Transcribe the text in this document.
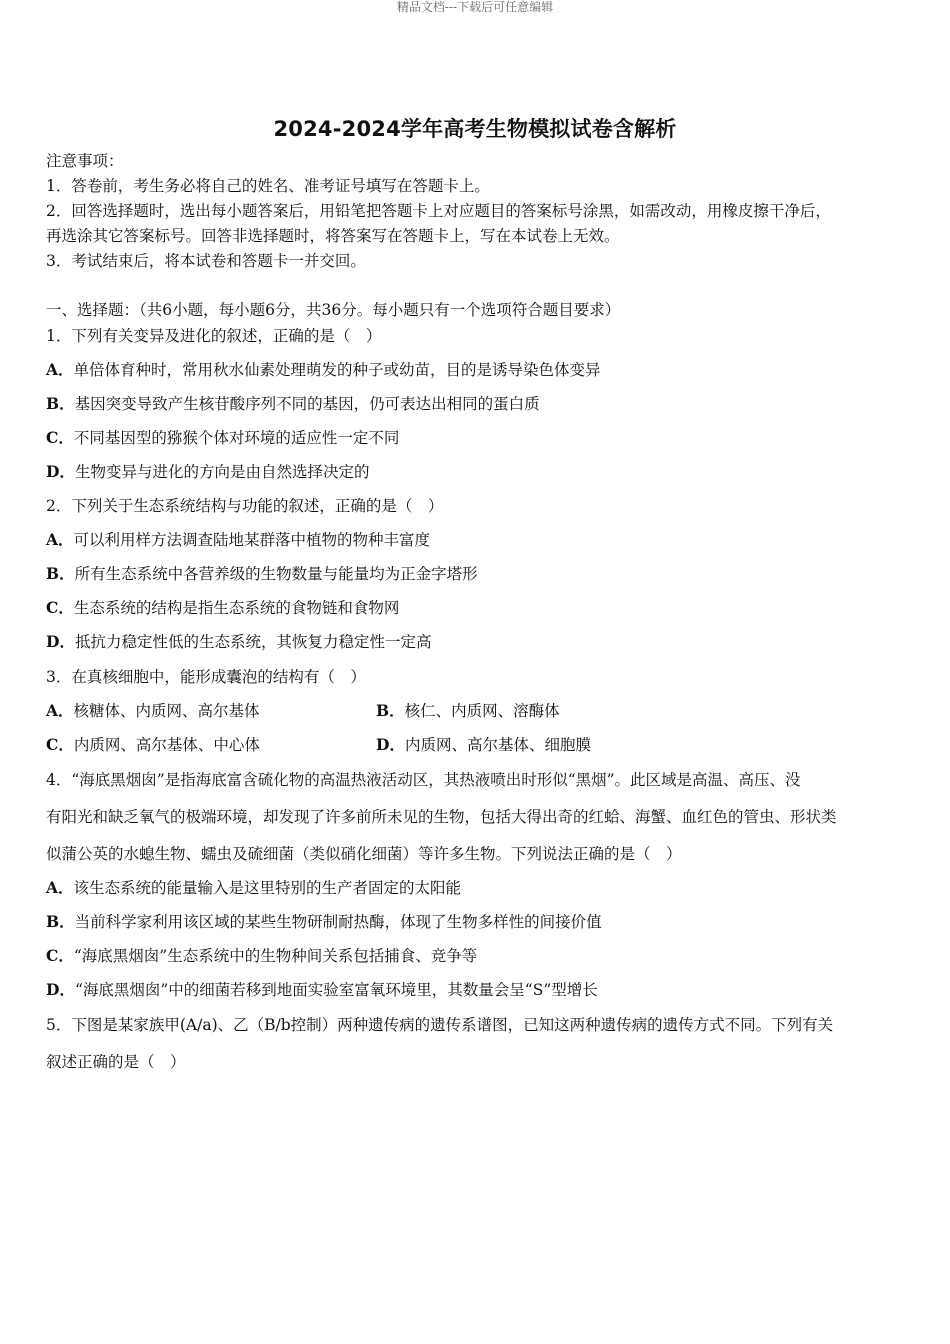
精品文档---下载后可任意编辑
2024-2024学年高考生物模拟试卷含解析
注意事项：
1．答卷前，考生务必将自己的姓名、准考证号填写在答题卡上。
2．回答选择题时，选出每小题答案后，用铅笔把答题卡上对应题目的答案标号涂黑，如需改动，用橡皮擦干净后，
再选涂其它答案标号。回答非选择题时，将答案写在答题卡上，写在本试卷上无效。
3．考试结束后，将本试卷和答题卡一并交回。
一、选择题：（共6小题，每小题6分，共36分。每小题只有一个选项符合题目要求）
1．下列有关变异及进化的叙述，正确的是（　）
A．单倍体育种时，常用秋水仙素处理萌发的种子或幼苗，目的是诱导染色体变异
B．基因突变导致产生核苷酸序列不同的基因，仍可表达出相同的蛋白质
C．不同基因型的猕猴个体对环境的适应性一定不同
D．生物变异与进化的方向是由自然选择决定的
2．下列关于生态系统结构与功能的叙述，正确的是（　）
A．可以利用样方法调查陆地某群落中植物的物种丰富度
B．所有生态系统中各营养级的生物数量与能量均为正金字塔形
C．生态系统的结构是指生态系统的食物链和食物网
D．抵抗力稳定性低的生态系统，其恢复力稳定性一定高
3．在真核细胞中，能形成囊泡的结构有（　）
A．核糖体、内质网、高尔基体	B．核仁、内质网、溶酶体
C．内质网、高尔基体、中心体	D．内质网、高尔基体、细胞膜
4．“海底黑烟囱”是指海底富含硫化物的高温热液活动区，其热液喷出时形似“黑烟”。此区域是高温、高压、没
有阳光和缺乏氧气的极端环境，却发现了许多前所未见的生物，包括大得出奇的红蛤、海蟹、血红色的管虫、形状类
似蒲公英的水螅生物、蠕虫及硫细菌（类似硝化细菌）等许多生物。下列说法正确的是（　）
A．该生态系统的能量输入是这里特别的生产者固定的太阳能
B．当前科学家利用该区域的某些生物研制耐热酶，体现了生物多样性的间接价值
C．“海底黑烟囱”生态系统中的生物种间关系包括捕食、竞争等
D．“海底黑烟囱”中的细菌若移到地面实验室富氧环境里，其数量会呈“S”型增长
5．下图是某家族甲(A/a)、乙（B/b控制）两种遗传病的遗传系谱图，已知这两种遗传病的遗传方式不同。下列有关
叙述正确的是（　）
